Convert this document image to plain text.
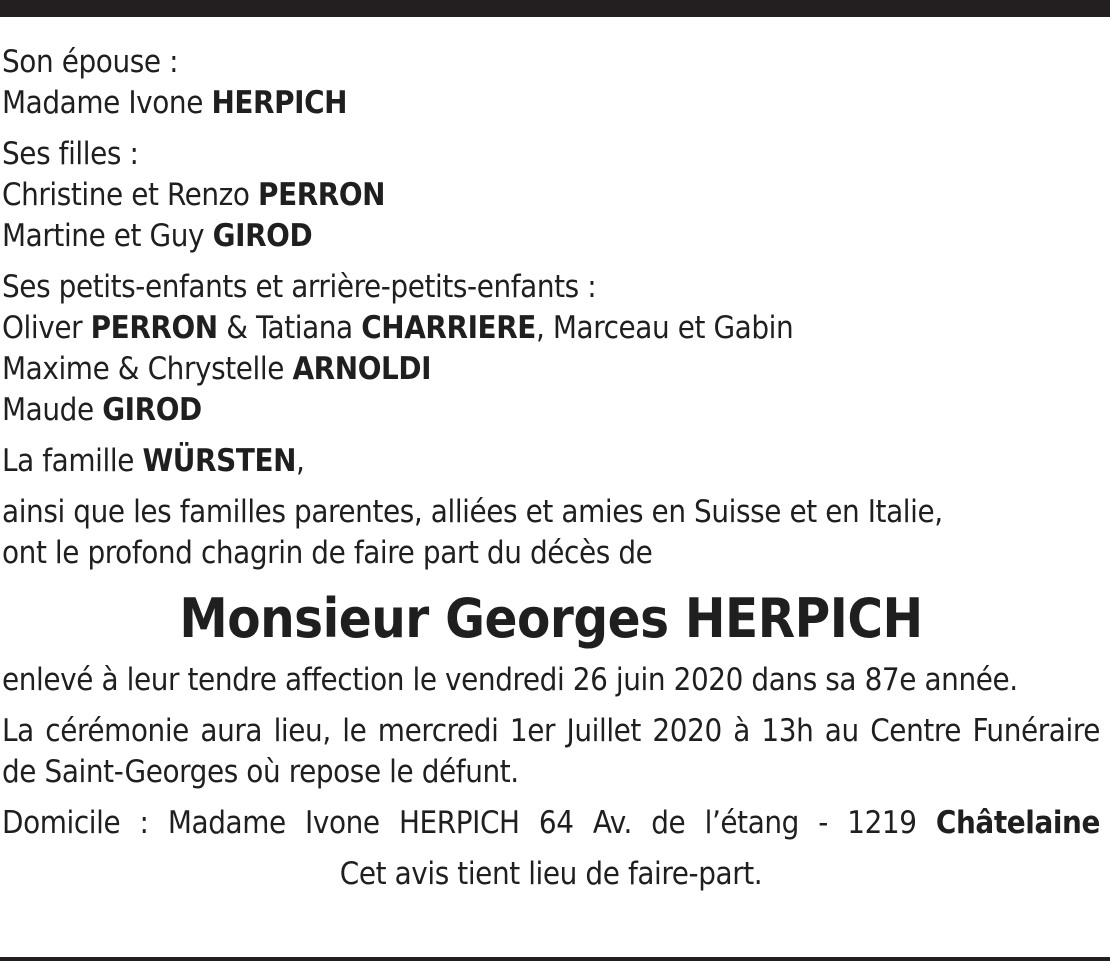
Son épouse :
Madame Ivone HERPICH
Ses filles :
Christine et Renzo PERRON
Martine et Guy GIROD
Ses petits-enfants et arrière-petits-enfants :
Oliver PERRON & Tatiana CHARRIERE, Marceau et Gabin
Maxime & Chrystelle ARNOLDI
Maude GIROD
La famille WÜRSTEN,
ainsi que les familles parentes, alliées et amies en Suisse et en Italie,
ont le profond chagrin de faire part du décès de
Monsieur Georges HERPICH
enlevé à leur tendre affection le vendredi 26 juin 2020 dans sa 87e année.
La cérémonie aura lieu, le mercredi 1er Juillet 2020 à 13h au Centre Funéraire de Saint-Georges où repose le défunt.
Domicile : Madame Ivone HERPICH 64 Av. de l’étang - 1219 Châtelaine
Cet avis tient lieu de faire-part.
